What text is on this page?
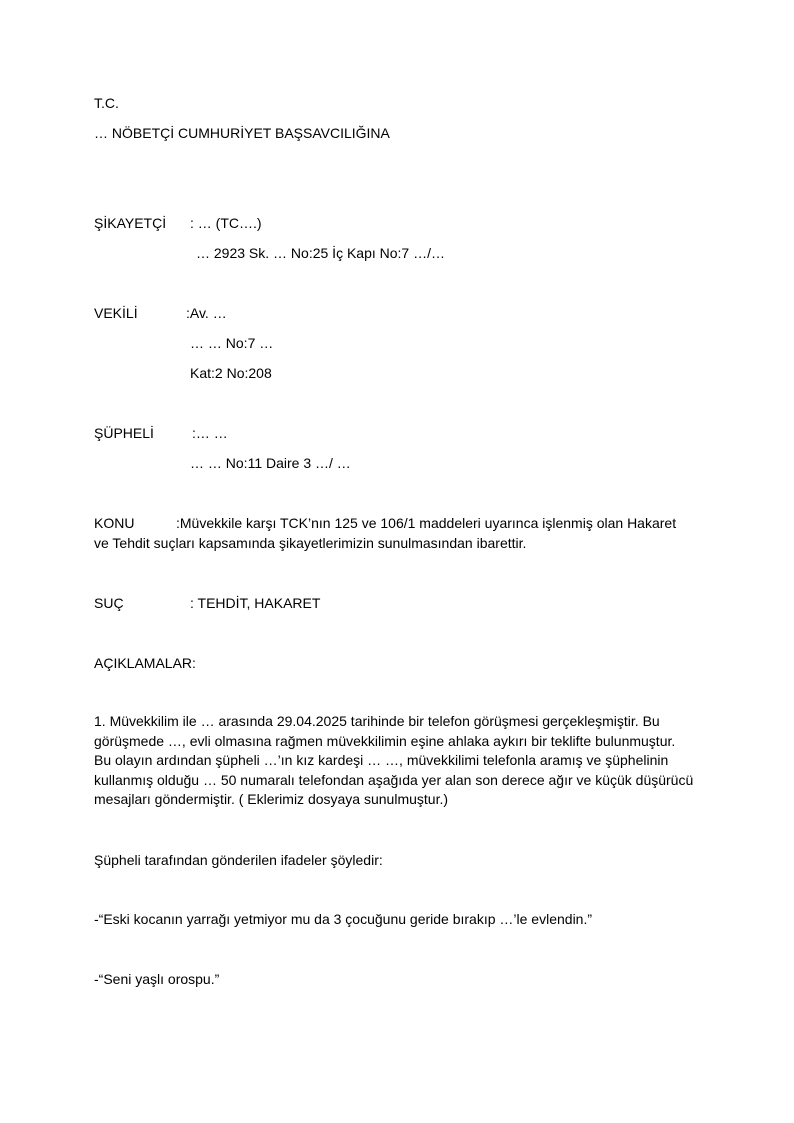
T.C.
… NÖBETÇİ CUMHURİYET BAŞSAVCILIĞINA
ŞİKAYETÇİ : … (TC….)
… 2923 Sk. … No:25 İç Kapı No:7 …/…
VEKİLİ	:Av. …
… … No:7 …
Kat:2 No:208
ŞÜPHELİ	:… …
… … No:11 Daire 3 …/ …
KONU	:Müvekkile karşı TCK’nın 125 ve 106/1 maddeleri uyarınca işlenmiş olan Hakaret
ve Tehdit suçları kapsamında şikayetlerimizin sunulmasından ibarettir.
SUÇ	: TEHDİT, HAKARET
AÇIKLAMALAR:
1. Müvekkilim ile … arasında 29.04.2025 tarihinde bir telefon görüşmesi gerçekleşmiştir. Bu
görüşmede …, evli olmasına rağmen müvekkilimin eşine ahlaka aykırı bir teklifte bulunmuştur.
Bu olayın ardından şüpheli …’ın kız kardeşi … …, müvekkilimi telefonla aramış ve şüphelinin
kullanmış olduğu … 50 numaralı telefondan aşağıda yer alan son derece ağır ve küçük düşürücü
mesajları göndermiştir. ( Eklerimiz dosyaya sunulmuştur.)
Şüpheli tarafından gönderilen ifadeler şöyledir:
-“Eski kocanın yarrağı yetmiyor mu da 3 çocuğunu geride bırakıp …’le evlendin.”
-“Seni yaşlı orospu.”
